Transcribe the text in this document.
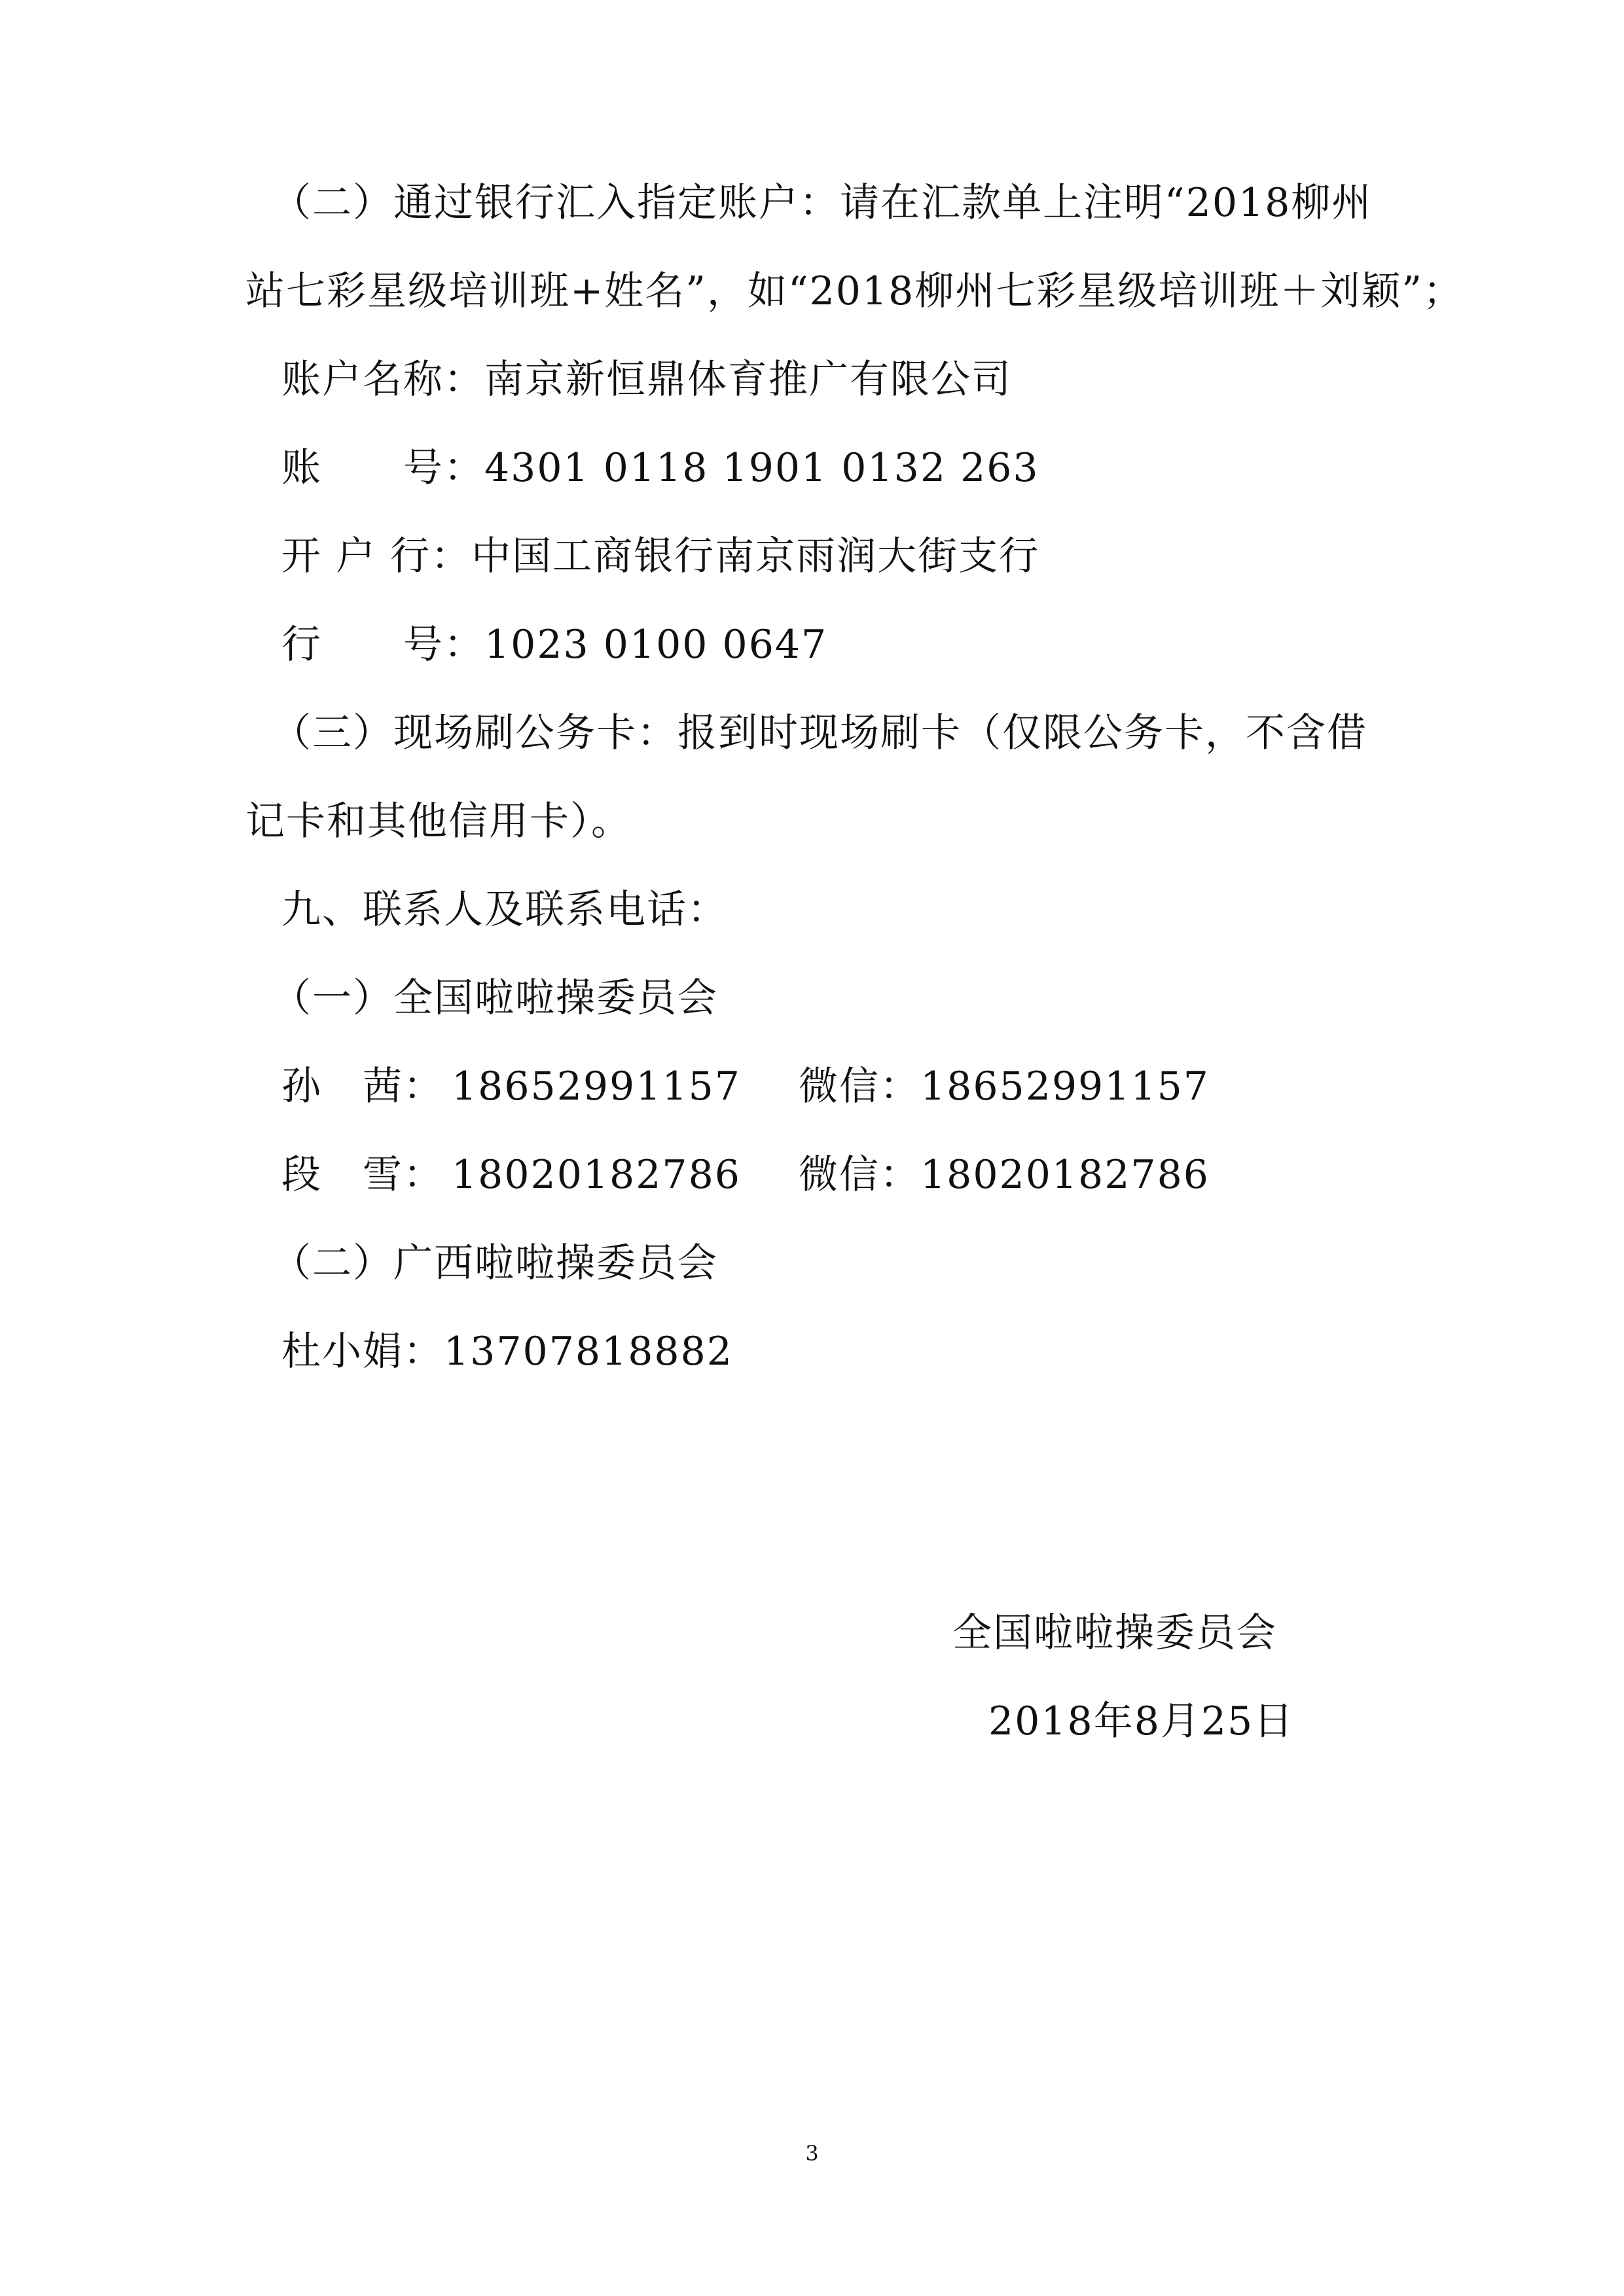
（二）通过银行汇入指定账户：请在汇款单上注明“2018柳州
站七彩星级培训班+姓名”，如“2018柳州七彩星级培训班＋刘颖”；
账户名称：南京新恒鼎体育推广有限公司
账　　号：4301 0118 1901 0132 263
开 户 行：中国工商银行南京雨润大街支行
行　　号：1023 0100 0647
（三）现场刷公务卡：报到时现场刷卡（仅限公务卡，不含借
记卡和其他信用卡）。
九、联系人及联系电话：
（一）全国啦啦操委员会
孙　茜： 18652991157 微信：18652991157
段　雪： 18020182786 微信：18020182786
（二）广西啦啦操委员会
杜小娟：13707818882
全国啦啦操委员会
2018年8月25日
3
